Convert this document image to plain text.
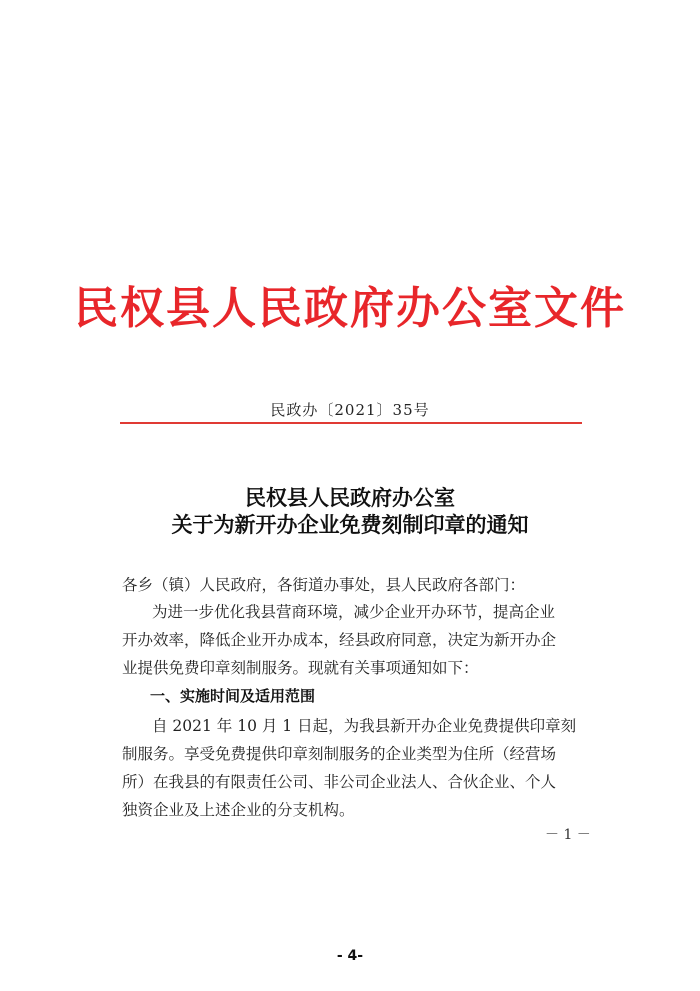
民权县人民政府办公室文件
民政办〔2021〕35号
民权县人民政府办公室
关于为新开办企业免费刻制印章的通知
各乡（镇）人民政府，各街道办事处，县人民政府各部门：
为进一步优化我县营商环境，减少企业开办环节，提高企业
开办效率，降低企业开办成本，经县政府同意，决定为新开办企
业提供免费印章刻制服务。现就有关事项通知如下：
一、实施时间及适用范围
自 2021 年 10 月 1 日起，为我县新开办企业免费提供印章刻
制服务。享受免费提供印章刻制服务的企业类型为住所（经营场
所）在我县的有限责任公司、非公司企业法人、合伙企业、个人
独资企业及上述企业的分支机构。
－ 1 －
- 4-
